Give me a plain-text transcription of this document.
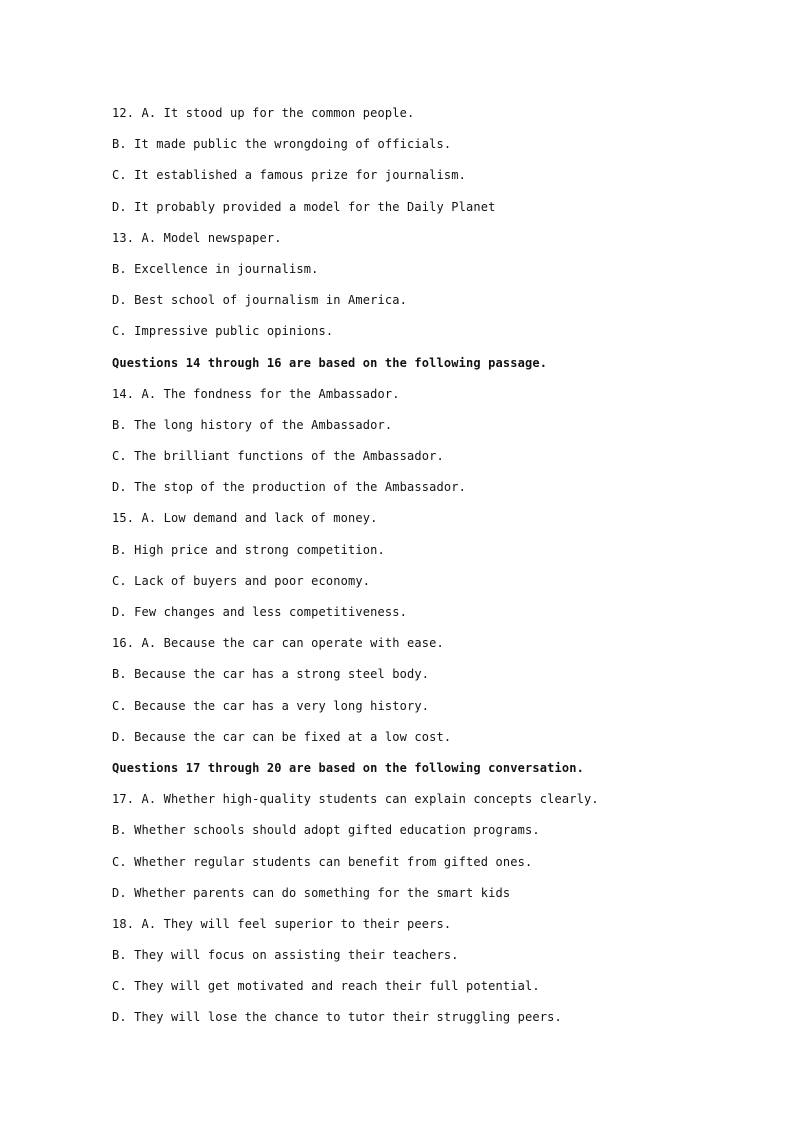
12. A. It stood up for the common people.
B. It made public the wrongdoing of officials.
C. It established a famous prize for journalism.
D. It probably provided a model for the Daily Planet
13. A. Model newspaper.
B. Excellence in journalism.
D. Best school of journalism in America.
C. Impressive public opinions.
Questions 14 through 16 are based on the following passage.
14. A. The fondness for the Ambassador.
B. The long history of the Ambassador.
C. The brilliant functions of the Ambassador.
D. The stop of the production of the Ambassador.
15. A. Low demand and lack of money.
B. High price and strong competition.
C. Lack of buyers and poor economy.
D. Few changes and less competitiveness.
16. A. Because the car can operate with ease.
B. Because the car has a strong steel body.
C. Because the car has a very long history.
D. Because the car can be fixed at a low cost.
Questions 17 through 20 are based on the following conversation.
17. A. Whether high-quality students can explain concepts clearly.
B. Whether schools should adopt gifted education programs.
C. Whether regular students can benefit from gifted ones.
D. Whether parents can do something for the smart kids
18. A. They will feel superior to their peers.
B. They will focus on assisting their teachers.
C. They will get motivated and reach their full potential.
D. They will lose the chance to tutor their struggling peers.
